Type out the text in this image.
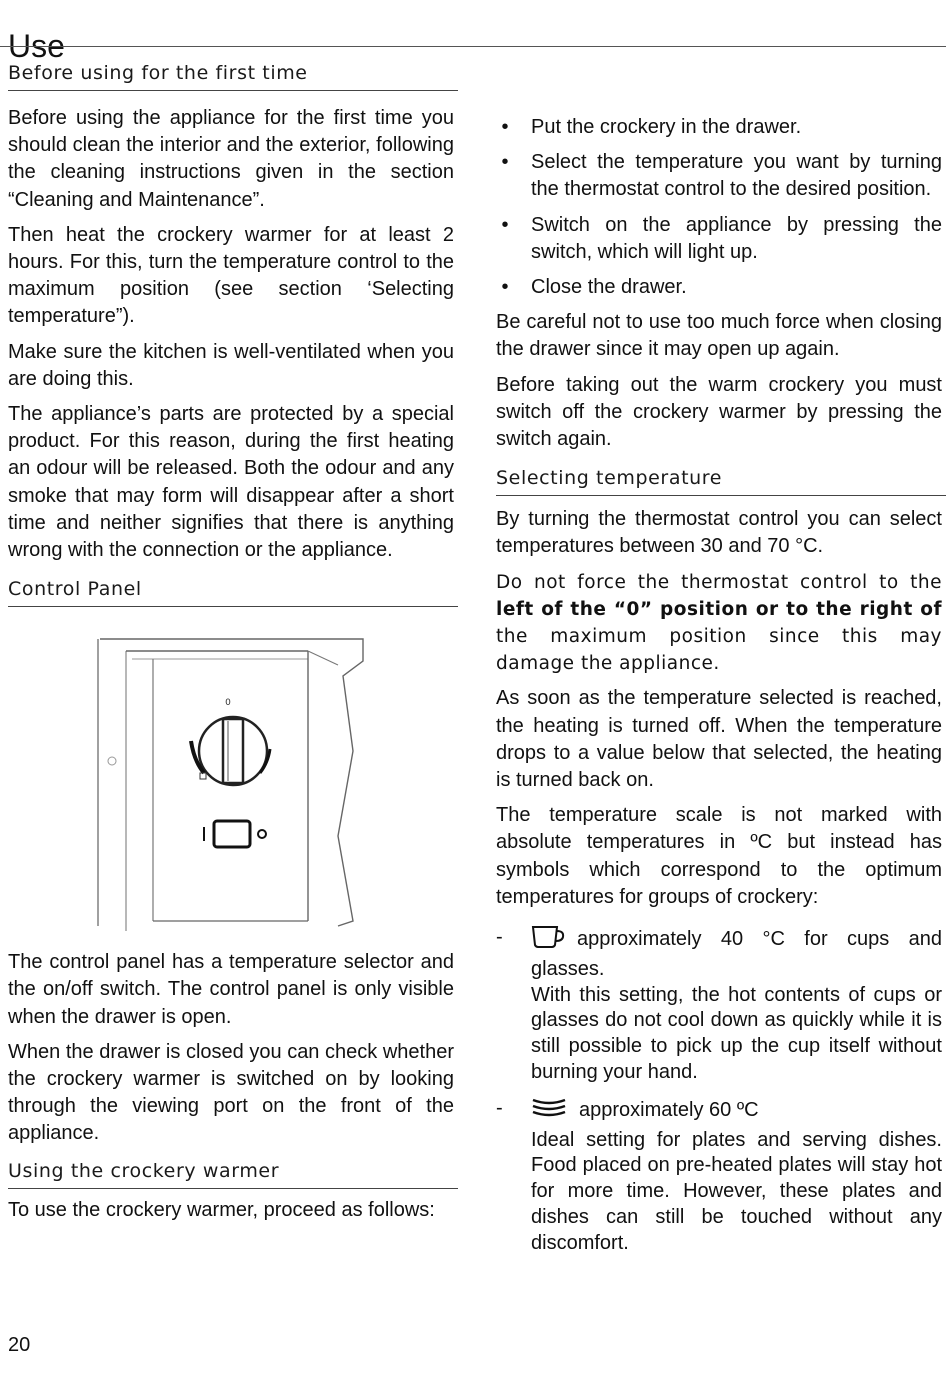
Use
Before using for the first time

Before using the appliance for the first time you should clean the interior and the exterior, following the cleaning instructions given in the section “Cleaning and Maintenance”.

Then heat the crockery warmer for at least 2 hours. For this, turn the temperature control to the maximum position (see section ‘Selecting temperature”).

Make sure the kitchen is well-ventilated when you are doing this.

The appliance’s parts are protected by a special product. For this reason, during the first heating an odour will be released. Both the odour and any smoke that may form will disappear after a short time and neither signifies that there is anything wrong with the connection or the appliance.

Control Panel
0

The control panel has a temperature selector and the on/off switch. The control panel is only visible when the drawer is open.

When the drawer is closed you can check whether the crockery warmer is switched on by looking through the viewing port on the front of the appliance.

Using the crockery warmer

To use the crockery warmer, proceed as follows:

• Put the crockery in the drawer.
• Select the temperature you want by turning the thermostat control to the desired position.
• Switch on the appliance by pressing the switch, which will light up.
• Close the drawer.

Be careful not to use too much force when closing the drawer since it may open up again.

Before taking out the warm crockery you must switch off the crockery warmer by pressing the switch again.

Selecting temperature

By turning the thermostat control you can select temperatures between 30 and 70 °C.

Do not force the thermostat control to the left of the “0” position or to the right of the maximum position since this may damage the appliance.

As soon as the temperature selected is reached, the heating is turned off. When the temperature drops to a value below that selected, the heating is turned back on.

The temperature scale is not marked with absolute temperatures in ºC but instead has symbols which correspond to the optimum temperatures for groups of crockery:

-	approximately 40 °C for cups and glasses.
With this setting, the hot contents of cups or glasses do not cool down as quickly while it is still possible to pick up the cup itself without burning your hand.
-	approximately 60 ºC
Ideal setting for plates and serving dishes. Food placed on pre-heated plates will stay hot for more time. However, these plates and dishes can still be touched without any discomfort.
20
